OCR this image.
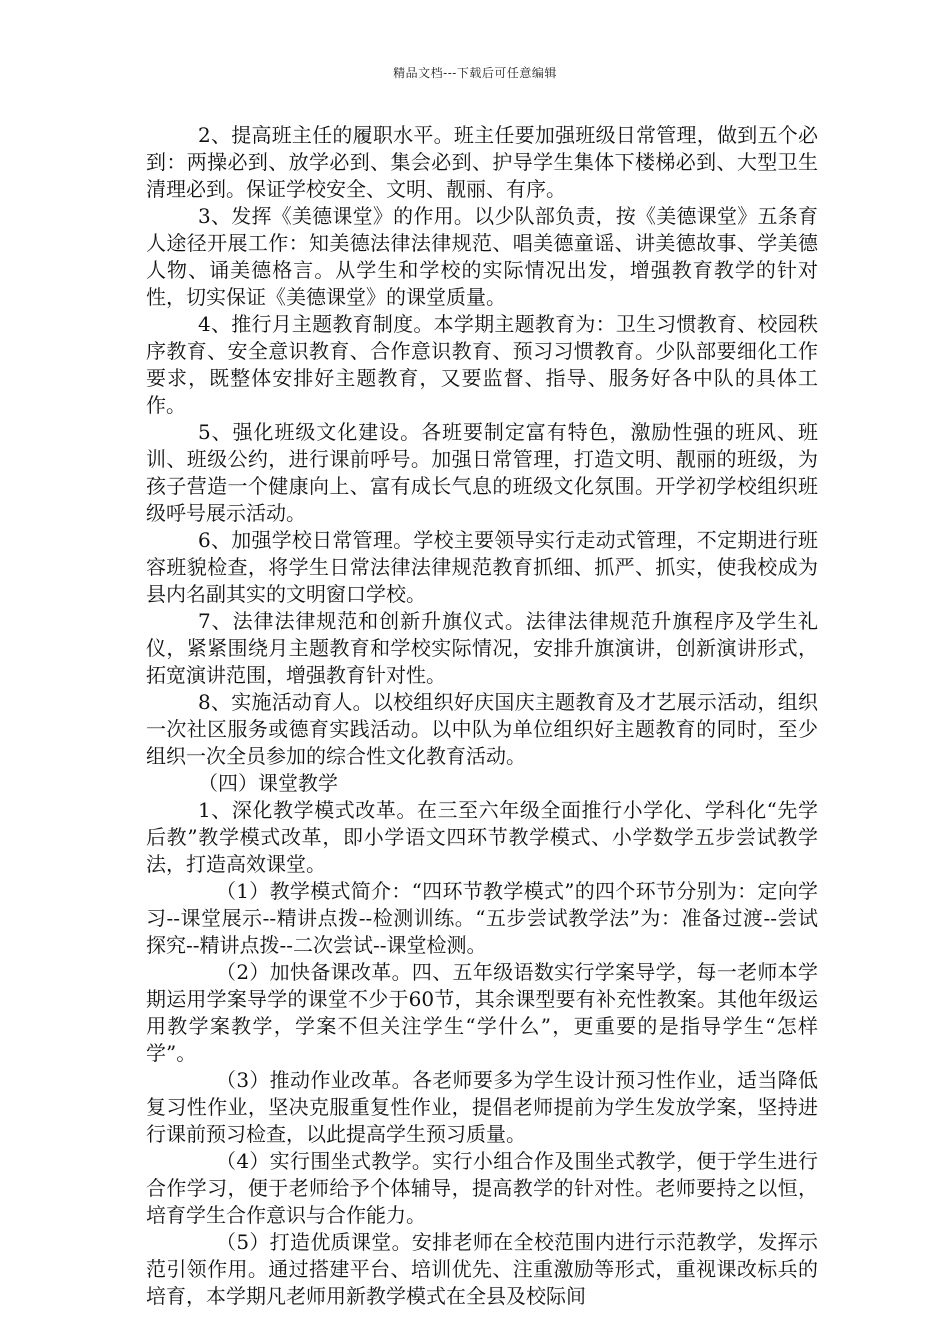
精品文档---下载后可任意编辑

2、提高班主任的履职水平。班主任要加强班级日常管理，做到五个必到：两操必到、放学必到、集会必到、护导学生集体下楼梯必到、大型卫生清理必到。保证学校安全、文明、靓丽、有序。

3、发挥《美德课堂》的作用。以少队部负责，按《美德课堂》五条育人途径开展工作：知美德法律法律规范、唱美德童谣、讲美德故事、学美德人物、诵美德格言。从学生和学校的实际情况出发，增强教育教学的针对性，切实保证《美德课堂》的课堂质量。

4、推行月主题教育制度。本学期主题教育为：卫生习惯教育、校园秩序教育、安全意识教育、合作意识教育、预习习惯教育。少队部要细化工作要求，既整体安排好主题教育，又要监督、指导、服务好各中队的具体工作。

5、强化班级文化建设。各班要制定富有特色，激励性强的班风、班训、班级公约，进行课前呼号。加强日常管理，打造文明、靓丽的班级，为孩子营造一个健康向上、富有成长气息的班级文化氛围。开学初学校组织班级呼号展示活动。

6、加强学校日常管理。学校主要领导实行走动式管理，不定期进行班容班貌检查，将学生日常法律法律规范教育抓细、抓严、抓实，使我校成为县内名副其实的文明窗口学校。

7、法律法律规范和创新升旗仪式。法律法律规范升旗程序及学生礼仪，紧紧围绕月主题教育和学校实际情况，安排升旗演讲，创新演讲形式，拓宽演讲范围，增强教育针对性。

8、实施活动育人。以校组织好庆国庆主题教育及才艺展示活动，组织一次社区服务或德育实践活动。以中队为单位组织好主题教育的同时，至少组织一次全员参加的综合性文化教育活动。

（四）课堂教学

1、深化教学模式改革。在三至六年级全面推行小学化、学科化“先学后教”教学模式改革，即小学语文四环节教学模式、小学数学五步尝试教学法，打造高效课堂。

（1）教学模式简介：“四环节教学模式”的四个环节分别为：定向学习--课堂展示--精讲点拨--检测训练。“五步尝试教学法”为：准备过渡--尝试探究--精讲点拨--二次尝试--课堂检测。

（2）加快备课改革。四、五年级语数实行学案导学，每一老师本学期运用学案导学的课堂不少于60节，其余课型要有补充性教案。其他年级运用教学案教学，学案不但关注学生“学什么”，更重要的是指导学生“怎样学”。

（3）推动作业改革。各老师要多为学生设计预习性作业，适当降低复习性作业，坚决克服重复性作业，提倡老师提前为学生发放学案，坚持进行课前预习检查，以此提高学生预习质量。

（4）实行围坐式教学。实行小组合作及围坐式教学，便于学生进行合作学习，便于老师给予个体辅导，提高教学的针对性。老师要持之以恒，培育学生合作意识与合作能力。

（5）打造优质课堂。安排老师在全校范围内进行示范教学，发挥示范引领作用。通过搭建平台、培训优先、注重激励等形式，重视课改标兵的培育，本学期凡老师用新教学模式在全县及校际间
